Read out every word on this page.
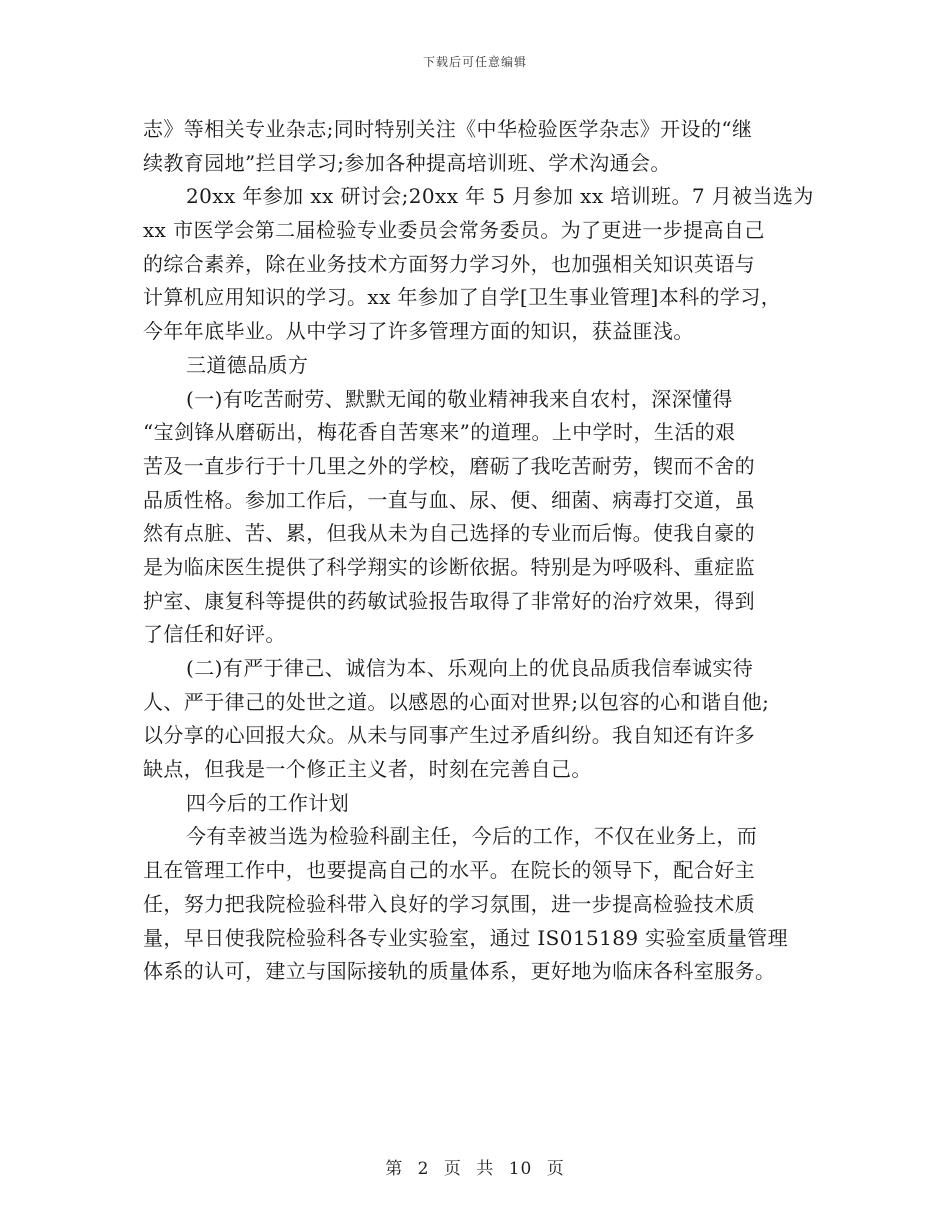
下载后可任意编辑
志》等相关专业杂志;同时特别关注《中华检验医学杂志》开设的“继
续教育园地”拦目学习;参加各种提高培训班、学术沟通会。
20xx 年参加 xx 研讨会;20xx 年 5 月参加 xx 培训班。7 月被当选为
xx 市医学会第二届检验专业委员会常务委员。为了更进一步提高自己
的综合素养，除在业务技术方面努力学习外，也加强相关知识英语与
计算机应用知识的学习。xx 年参加了自学[卫生事业管理]本科的学习，
今年年底毕业。从中学习了许多管理方面的知识，获益匪浅。
三道德品质方
(一)有吃苦耐劳、默默无闻的敬业精神我来自农村，深深懂得
“宝剑锋从磨砺出，梅花香自苦寒来”的道理。上中学时，生活的艰
苦及一直步行于十几里之外的学校，磨砺了我吃苦耐劳，锲而不舍的
品质性格。参加工作后，一直与血、尿、便、细菌、病毒打交道，虽
然有点脏、苦、累，但我从未为自己选择的专业而后悔。使我自豪的
是为临床医生提供了科学翔实的诊断依据。特别是为呼吸科、重症监
护室、康复科等提供的药敏试验报告取得了非常好的治疗效果，得到
了信任和好评。
(二)有严于律己、诚信为本、乐观向上的优良品质我信奉诚实待
人、严于律己的处世之道。以感恩的心面对世界;以包容的心和谐自他;
以分享的心回报大众。从未与同事产生过矛盾纠纷。我自知还有许多
缺点，但我是一个修正主义者，时刻在完善自己。
四今后的工作计划
今有幸被当选为检验科副主任，今后的工作，不仅在业务上，而
且在管理工作中，也要提高自己的水平。在院长的领导下，配合好主
任，努力把我院检验科带入良好的学习氛围，进一步提高检验技术质
量，早日使我院检验科各专业实验室，通过 IS015189 实验室质量管理
体系的认可，建立与国际接轨的质量体系，更好地为临床各科室服务。
第 2 页 共 10 页
